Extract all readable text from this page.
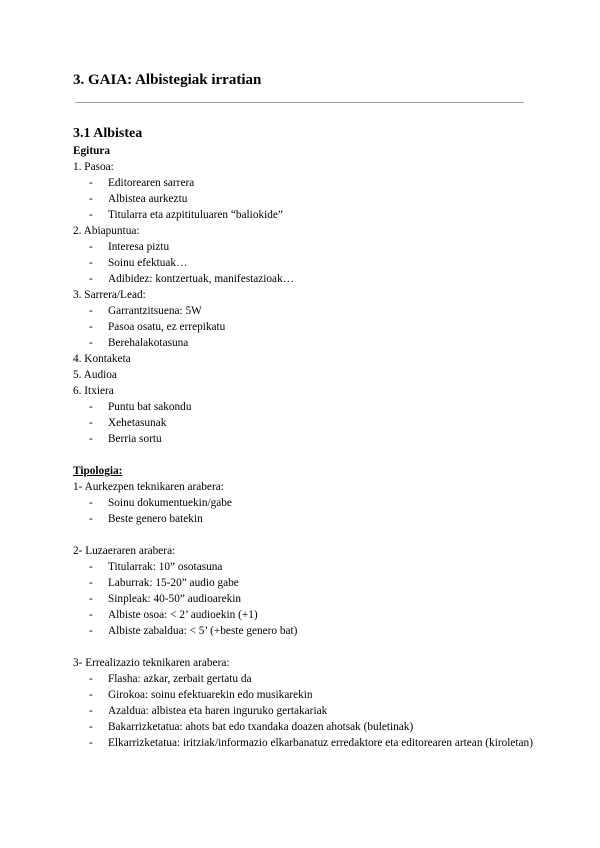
3. GAIA: Albistegiak irratian
3.1 Albistea
Egitura
1. Pasoa:
- Editorearen sarrera
- Albistea aurkeztu
- Titularra eta azpitituluaren “baliokide”
2. Abiapuntua:
- Interesa piztu
- Soinu efektuak…
- Adibidez: kontzertuak, manifestazioak…
3. Sarrera/Lead:
- Garrantzitsuena: 5W
- Pasoa osatu, ez errepikatu
- Berehalakotasuna
4. Kontaketa
5. Audioa
6. Itxiera
- Puntu bat sakondu
- Xehetasunak
- Berria sortu
Tipologia:
1- Aurkezpen teknikaren arabera:
- Soinu dokumentuekin/gabe
- Beste genero batekin
2- Luzaeraren arabera:
- Titularrak: 10” osotasuna
- Laburrak: 15-20” audio gabe
- Sinpleak: 40-50” audioarekin
- Albiste osoa: < 2’ audioekin (+1)
- Albiste zabaldua: < 5’ (+beste genero bat)
3- Errealizazio teknikaren arabera:
- Flasha: azkar, zerbait gertatu da
- Girokoa: soinu efektuarekin edo musikarekin
- Azaldua: albistea eta haren inguruko gertakariak
- Bakarrizketatua: ahots bat edo txandaka doazen ahotsak (buletinak)
- Elkarrizketatua: iritziak/informazio elkarbanatuz erredaktore eta editorearen artean (kiroletan)
